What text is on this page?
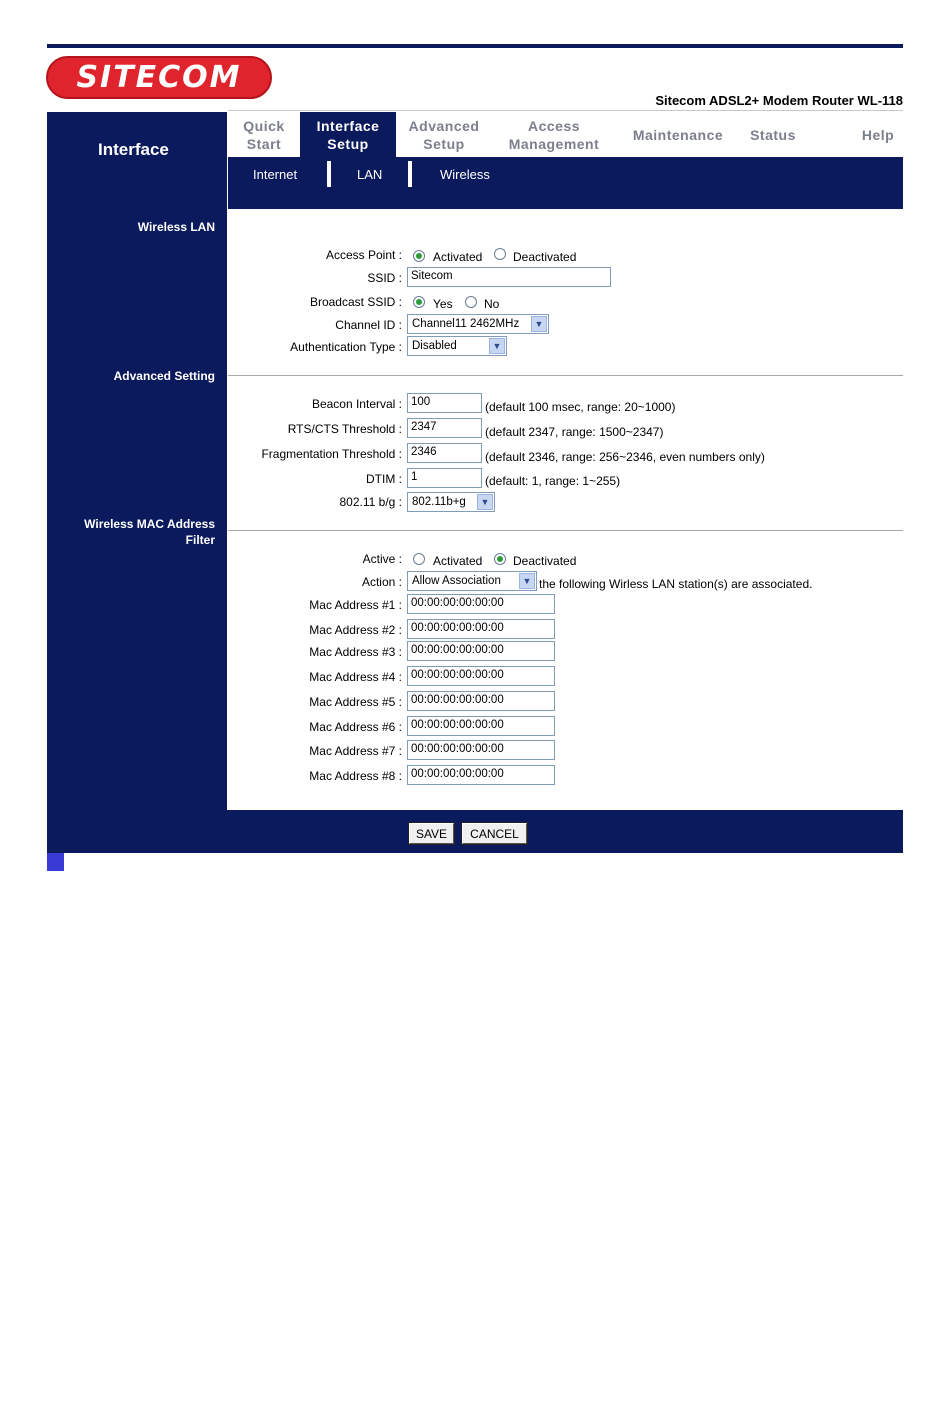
SITECOM
Sitecom ADSL2+ Modem Router WL-118
Interface
Quick
Start
Interface
Setup
Advanced
Setup
Access
Management
Maintenance Status	Help
Internet	LAN	Wireless
Wireless LAN
Advanced Setting
Wireless MAC Address
Filter
Access Point :	Activated	Deactivated
SSID : Sitecom
Broadcast SSID :	Yes	No
Channel ID : Channel11 2462MHz	▼
Authentication Type : Disabled	▼
Beacon Interval : 100	(default 100 msec, range: 20~1000)
RTS/CTS Threshold : 2347	(default 2347, range: 1500~2347)
Fragmentation Threshold : 2346	(default 2346, range: 256~2346, even numbers only)
DTIM : 1	(default: 1, range: 1~255)
802.11 b/g : 802.11b+g	▼
Active :	Activated	Deactivated
Action : Allow Association	▼ the following Wirless LAN station(s) are associated.
Mac Address #1 : 00:00:00:00:00:00
Mac Address #2 : 00:00:00:00:00:00
Mac Address #3 : 00:00:00:00:00:00
Mac Address #4 : 00:00:00:00:00:00
Mac Address #5 : 00:00:00:00:00:00
Mac Address #6 : 00:00:00:00:00:00
Mac Address #7 : 00:00:00:00:00:00
Mac Address #8 : 00:00:00:00:00:00
SAVE	CANCEL
